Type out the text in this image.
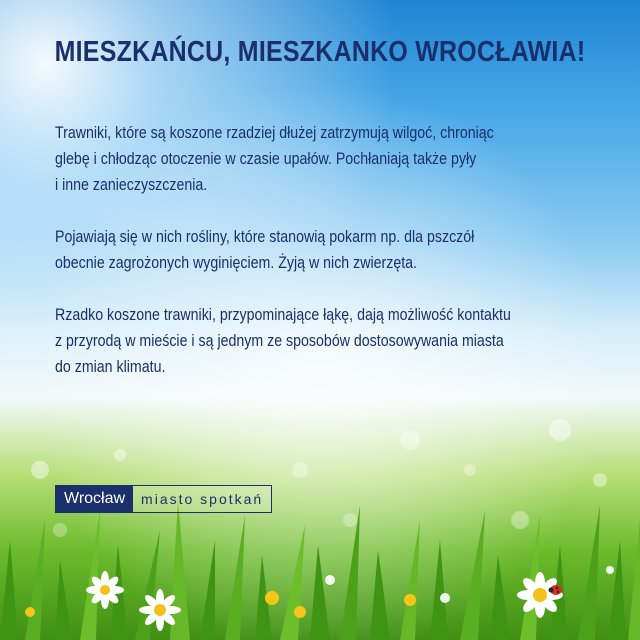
MIESZKAŃCU, MIESZKANKO WROCŁAWIA!

Trawniki, które są koszone rzadziej dłużej zatrzymują wilgoć, chroniąc
glebę i chłodząc otoczenie w czasie upałów. Pochłaniają także pyły
i inne zanieczyszczenia.

Pojawiają się w nich rośliny, które stanowią pokarm np. dla pszczół
obecnie zagrożonych wyginięciem. Żyją w nich zwierzęta.

Rzadko koszone trawniki, przypominające łąkę, dają możliwość kontaktu
z przyrodą w mieście i są jednym ze sposobów dostosowywania miasta
do zmian klimatu.

Wrocław	miasto spotkań
